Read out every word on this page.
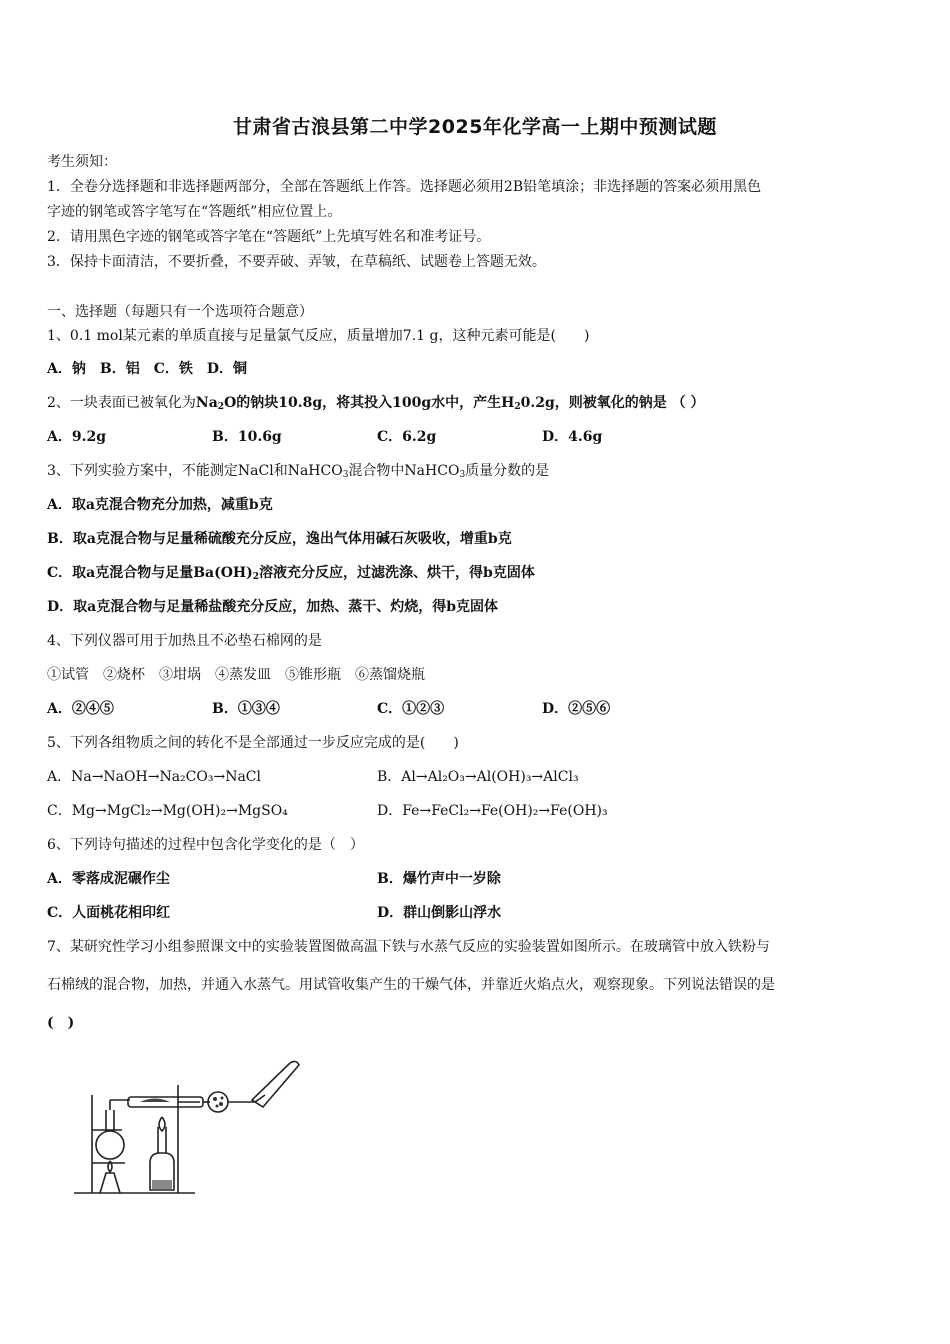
甘肃省古浪县第二中学2025年化学高一上期中预测试题
考生须知：
1．全卷分选择题和非选择题两部分，全部在答题纸上作答。选择题必须用2B铅笔填涂；非选择题的答案必须用黑色
字迹的钢笔或答字笔写在“答题纸”相应位置上。
2．请用黑色字迹的钢笔或答字笔在“答题纸”上先填写姓名和准考证号。
3．保持卡面清洁，不要折叠，不要弄破、弄皱，在草稿纸、试题卷上答题无效。
一、选择题（每题只有一个选项符合题意）
1、0.1 mol某元素的单质直接与足量氯气反应，质量增加7.1 g，这种元素可能是(　　)
A．钠　B．铝　C．铁　D．铜
2、一块表面已被氧化为$Na_2O$的钠块10.8g，将其投入100g水中，产生$H_20.2g$，则被氧化的钠是 （ ）
A．9.2g	B．10.6g	C．6.2g	D．4.6g
3、下列实验方案中，不能测定NaCl和NaHCO$_3$混合物中NaHCO$_3$质量分数的是
A．取a克混合物充分加热，减重b克
B．取a克混合物与足量稀硫酸充分反应，逸出气体用碱石灰吸收，增重b克
C．取a克混合物与足量$Ba(OH)_2$溶液充分反应，过滤洗涤、烘干，得b克固体
D．取a克混合物与足量稀盐酸充分反应，加热、蒸干、灼烧，得b克固体
4、下列仪器可用于加热且不必垫石棉网的是
①试管　②烧杯　③坩埚　④蒸发皿　⑤锥形瓶　⑥蒸馏烧瓶
A．②④⑤	B．①③④	C．①②③	D．②⑤⑥
5、下列各组物质之间的转化不是全部通过一步反应完成的是(　　)
A．Na→NaOH→Na₂CO₃→NaCl	B．Al→Al₂O₃→Al(OH)₃→AlCl₃
C．Mg→MgCl₂→Mg(OH)₂→MgSO₄	D．Fe→FeCl₂→Fe(OH)₂→Fe(OH)₃
6、下列诗句描述的过程中包含化学变化的是（　）
A．零落成泥碾作尘	B．爆竹声中一岁除
C．人面桃花相印红	D．群山倒影山浮水
7、某研究性学习小组参照课文中的实验装置图做高温下铁与水蒸气反应的实验装置如图所示。在玻璃管中放入铁粉与
石棉绒的混合物，加热，并通入水蒸气。用试管收集产生的干燥气体，并靠近火焰点火，观察现象。下列说法错误的是
(　)
